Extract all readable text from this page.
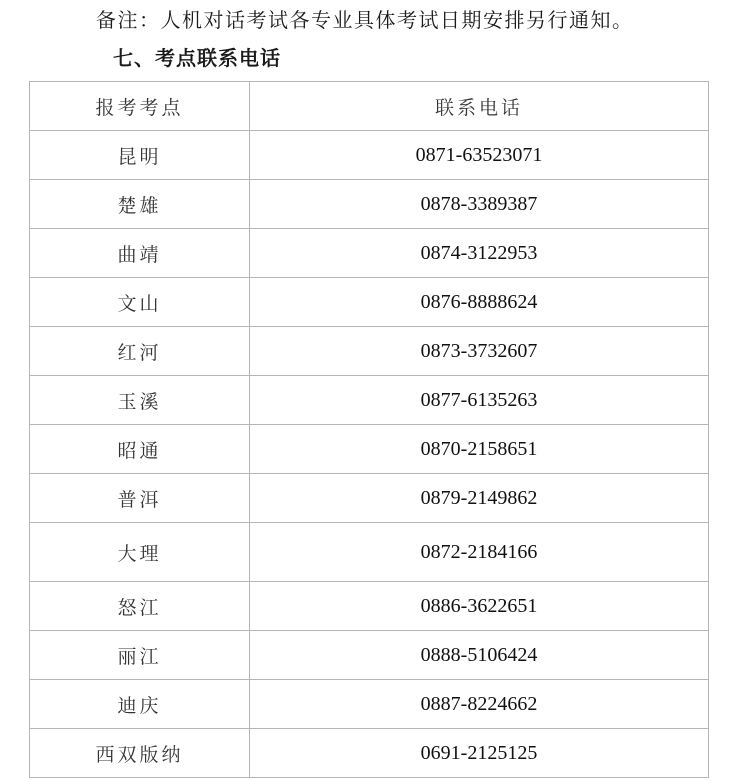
备注：人机对话考试各专业具体考试日期安排另行通知。
七、考点联系电话
报考考点	联系电话
昆明	0871-63523071
楚雄	0878-3389387
曲靖	0874-3122953
文山	0876-8888624
红河	0873-3732607
玉溪	0877-6135263
昭通	0870-2158651
普洱	0879-2149862
大理	0872-2184166
怒江	0886-3622651
丽江	0888-5106424
迪庆	0887-8224662
西双版纳	0691-2125125
